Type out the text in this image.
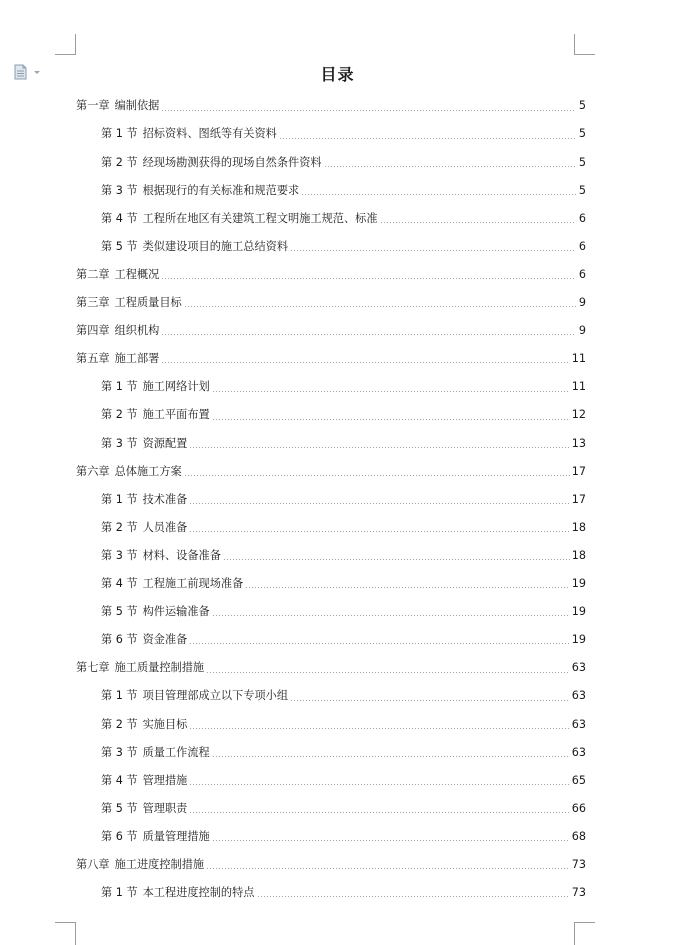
目录
第一章 编制依据	5
第 1 节 招标资料、图纸等有关资料	5
第 2 节 经现场勘测获得的现场自然条件资料	5
第 3 节 根据现行的有关标准和规范要求	5
第 4 节 工程所在地区有关建筑工程文明施工规范、标准	6
第 5 节 类似建设项目的施工总结资料	6
第二章 工程概况	6
第三章 工程质量目标	9
第四章 组织机构	9
第五章 施工部署	11
第 1 节 施工网络计划	11
第 2 节 施工平面布置	12
第 3 节 资源配置	13
第六章 总体施工方案	17
第 1 节 技术准备	17
第 2 节 人员准备	18
第 3 节 材料、设备准备	18
第 4 节 工程施工前现场准备	19
第 5 节 构件运输准备	19
第 6 节 资金准备	19
第七章 施工质量控制措施	63
第 1 节 项目管理部成立以下专项小组	63
第 2 节 实施目标	63
第 3 节 质量工作流程	63
第 4 节 管理措施	65
第 5 节 管理职责	66
第 6 节 质量管理措施	68
第八章 施工进度控制措施	73
第 1 节 本工程进度控制的特点	73
